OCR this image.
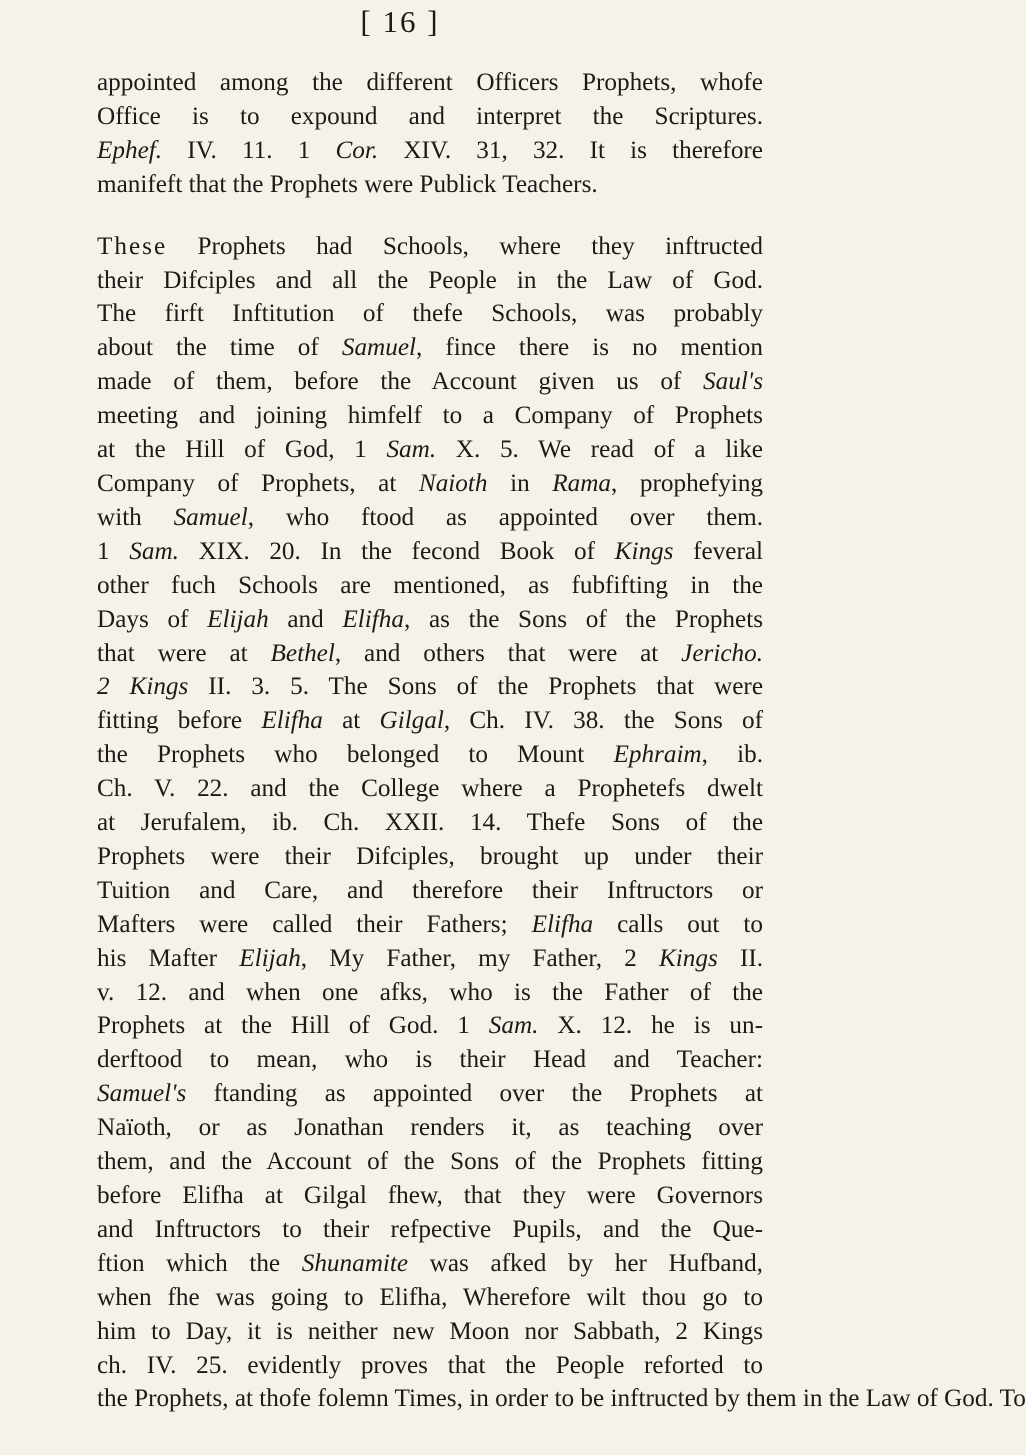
[ 16 ]
appointed among the different Officers Prophets, whofe
Office is to expound and interpret the Scriptures.
Ephef. IV. 11. 1 Cor. XIV. 31, 32. It is therefore
manifeft that the Prophets were Publick Teachers.
These Prophets had Schools, where they inftructed
their Difciples and all the People in the Law of God.
The firft Inftitution of thefe Schools, was probably
about the time of Samuel, fince there is no mention
made of them, before the Account given us of Saul's
meeting and joining himfelf to a Company of Prophets
at the Hill of God, 1 Sam. X. 5. We read of a like
Company of Prophets, at Naioth in Rama, prophefying
with Samuel, who ftood as appointed over them.
1 Sam. XIX. 20. In the fecond Book of Kings feveral
other fuch Schools are mentioned, as fubfifting in the
Days of Elijah and Elifha, as the Sons of the Prophets
that were at Bethel, and others that were at Jericho.
2 Kings II. 3. 5. The Sons of the Prophets that were
fitting before Elifha at Gilgal, Ch. IV. 38. the Sons of
the Prophets who belonged to Mount Ephraim, ib.
Ch. V. 22. and the College where a Prophetefs dwelt
at Jerufalem, ib. Ch. XXII. 14. Thefe Sons of the
Prophets were their Difciples, brought up under their
Tuition and Care, and therefore their Inftructors or
Mafters were called their Fathers; Elifha calls out to
his Mafter Elijah, My Father, my Father, 2 Kings II.
v. 12. and when one afks, who is the Father of the
Prophets at the Hill of God. 1 Sam. X. 12. he is un-
derftood to mean, who is their Head and Teacher:
Samuel's ftanding as appointed over the Prophets at
Naïoth, or as Jonathan renders it, as teaching over
them, and the Account of the Sons of the Prophets fitting
before Elifha at Gilgal fhew, that they were Governors
and Inftructors to their refpective Pupils, and the Que-
ftion which the Shunamite was afked by her Hufband,
when fhe was going to Elifha, Wherefore wilt thou go to
him to Day, it is neither new Moon nor Sabbath, 2 Kings
ch. IV. 25. evidently proves that the People reforted to
the Prophets, at thofe folemn Times, in order to be inftructed by them in the Law of God. To
